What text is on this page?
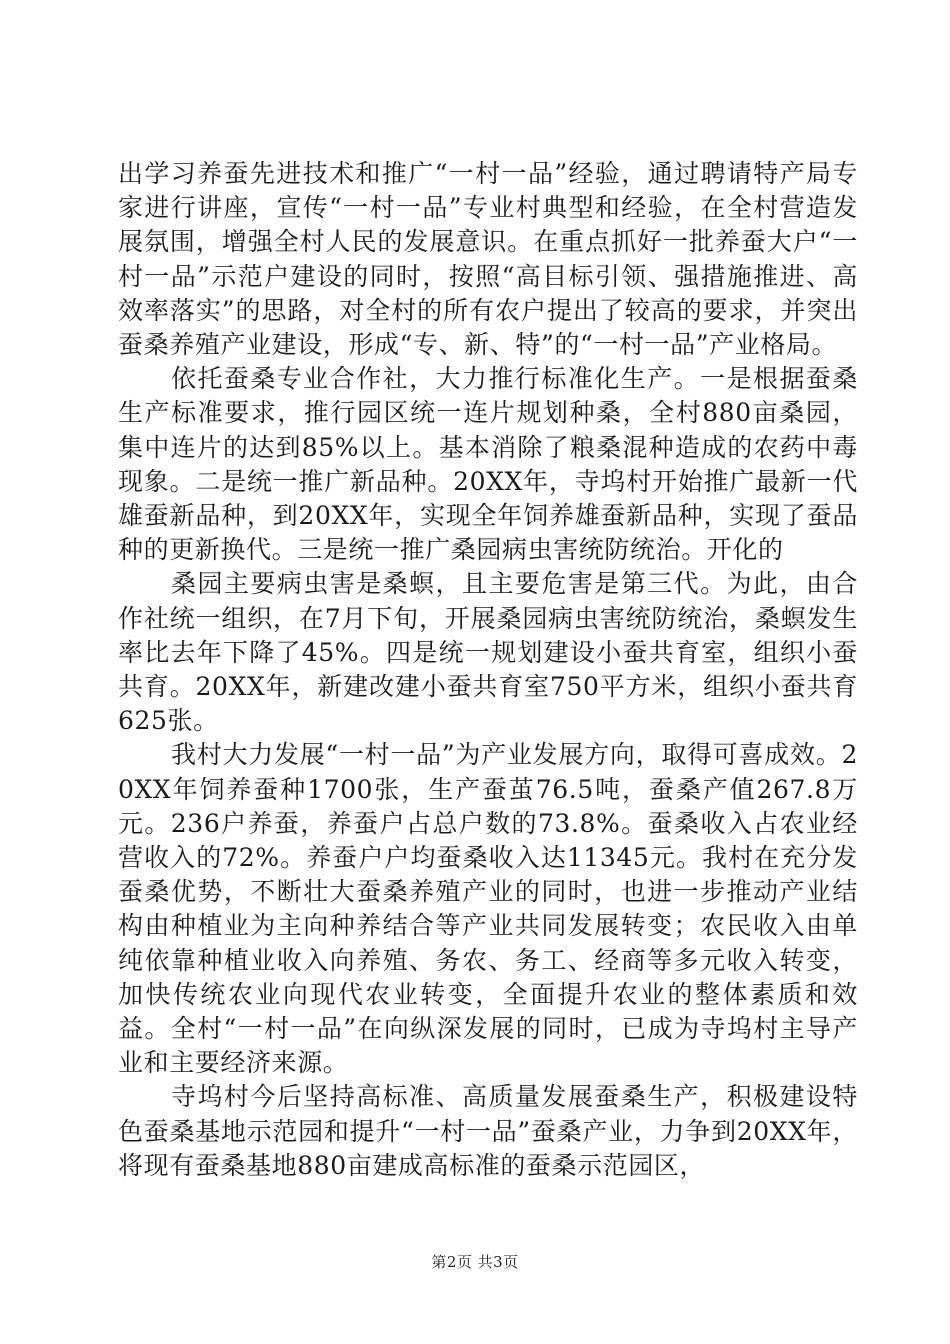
出学习养蚕先进技术和推广“一村一品”经验，通过聘请特产局专家进行讲座，宣传“一村一品”专业村典型和经验，在全村营造发展氛围，增强全村人民的发展意识。在重点抓好一批养蚕大户“一村一品”示范户建设的同时，按照“高目标引领、强措施推进、高效率落实”的思路，对全村的所有农户提出了较高的要求，并突出蚕桑养殖产业建设，形成“专、新、特”的“一村一品”产业格局。

依托蚕桑专业合作社，大力推行标准化生产。一是根据蚕桑生产标准要求，推行园区统一连片规划种桑，全村880亩桑园，集中连片的达到85%以上。基本消除了粮桑混种造成的农药中毒现象。二是统一推广新品种。20XX年，寺坞村开始推广最新一代雄蚕新品种，到20XX年，实现全年饲养雄蚕新品种，实现了蚕品种的更新换代。三是统一推广桑园病虫害统防统治。开化的

桑园主要病虫害是桑螟，且主要危害是第三代。为此，由合作社统一组织，在7月下旬，开展桑园病虫害统防统治，桑螟发生率比去年下降了45%。四是统一规划建设小蚕共育室，组织小蚕共育。20XX年，新建改建小蚕共育室750平方米，组织小蚕共育625张。

我村大力发展“一村一品”为产业发展方向，取得可喜成效。20XX年饲养蚕种1700张，生产蚕茧76.5吨，蚕桑产值267.8万元。236户养蚕，养蚕户占总户数的73.8%。蚕桑收入占农业经营收入的72%。养蚕户户均蚕桑收入达11345元。我村在充分发蚕桑优势，不断壮大蚕桑养殖产业的同时，也进一步推动产业结构由种植业为主向种养结合等产业共同发展转变；农民收入由单纯依靠种植业收入向养殖、务农、务工、经商等多元收入转变，加快传统农业向现代农业转变，全面提升农业的整体素质和效益。全村“一村一品”在向纵深发展的同时，已成为寺坞村主导产业和主要经济来源。

寺坞村今后坚持高标准、高质量发展蚕桑生产，积极建设特色蚕桑基地示范园和提升“一村一品”蚕桑产业，力争到20XX年，将现有蚕桑基地880亩建成高标准的蚕桑示范园区，

第2页 共3页
